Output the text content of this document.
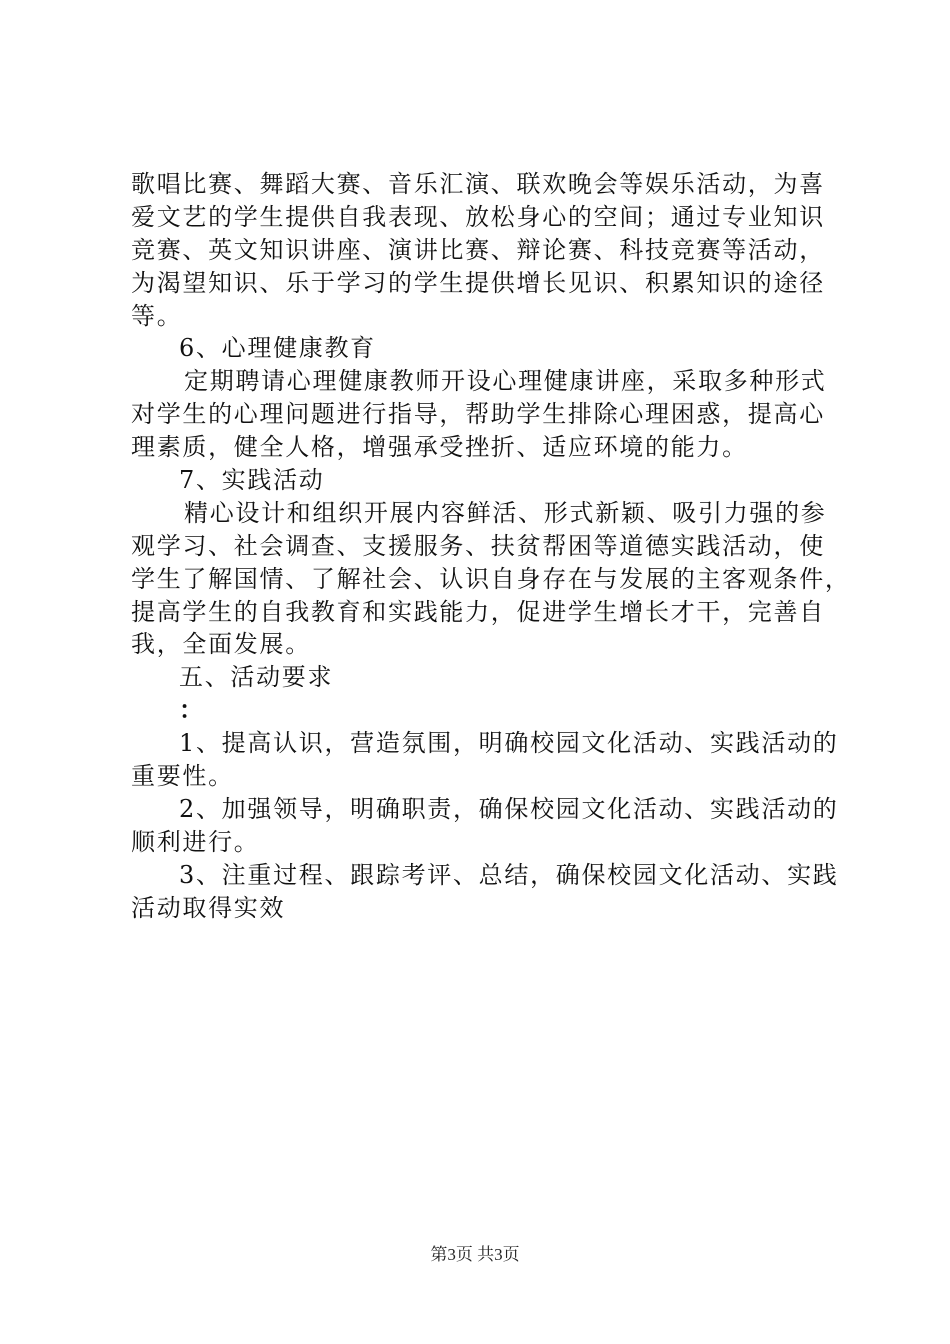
歌唱比赛、舞蹈大赛、音乐汇演、联欢晚会等娱乐活动，为喜
爱文艺的学生提供自我表现、放松身心的空间；通过专业知识
竞赛、英文知识讲座、演讲比赛、辩论赛、科技竞赛等活动，
为渴望知识、乐于学习的学生提供增长见识、积累知识的途径
等。
6、心理健康教育
定期聘请心理健康教师开设心理健康讲座，采取多种形式
对学生的心理问题进行指导，帮助学生排除心理困惑，提高心
理素质，健全人格，增强承受挫折、适应环境的能力。
7、实践活动
精心设计和组织开展内容鲜活、形式新颖、吸引力强的参
观学习、社会调查、支援服务、扶贫帮困等道德实践活动，使
学生了解国情、了解社会、认识自身存在与发展的主客观条件，
提高学生的自我教育和实践能力，促进学生增长才干，完善自
我，全面发展。
五、活动要求
：
1、提高认识，营造氛围，明确校园文化活动、实践活动的
重要性。
2、加强领导，明确职责，确保校园文化活动、实践活动的
顺利进行。
3、注重过程、跟踪考评、总结，确保校园文化活动、实践
活动取得实效
第3页 共3页
